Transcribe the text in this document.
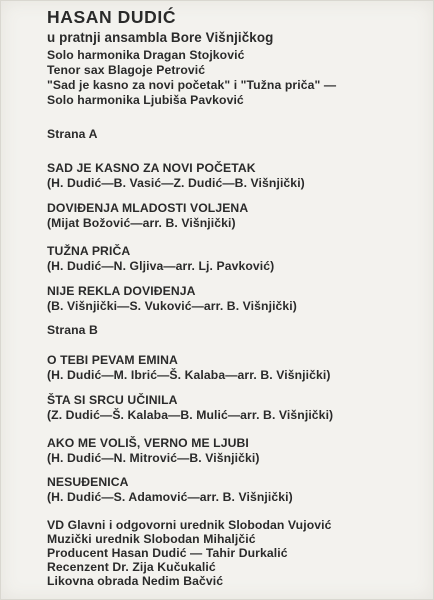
HASAN DUDIĆ
u pratnji ansambla Bore Višnjičkog
Solo harmonika Dragan Stojković
Tenor sax Blagoje Petrović
"Sad je kasno za novi početak" i "Tužna priča" —
Solo harmonika Ljubiša Pavković
Strana A
SAD JE KASNO ZA NOVI POČETAK
(H. Dudić—B. Vasić—Z. Dudić—B. Višnjički)
DOVIĐENJA MLADOSTI VOLJENA
(Mijat Božović—arr. B. Višnjički)
TUŽNA PRIČA
(H. Dudić—N. Gljiva—arr. Lj. Pavković)
NIJE REKLA DOVIĐENJA
(B. Višnjički—S. Vuković—arr. B. Višnjički)
Strana B
O TEBI PEVAM EMINA
(H. Dudić—M. Ibrić—Š. Kalaba—arr. B. Višnjički)
ŠTA SI SRCU UČINILA
(Z. Dudić—Š. Kalaba—B. Mulić—arr. B. Višnjički)
AKO ME VOLIŠ, VERNO ME LJUBI
(H. Dudić—N. Mitrović—B. Višnjički)
NESUĐENICA
(H. Dudić—S. Adamović—arr. B. Višnjički)
VD Glavni i odgovorni urednik Slobodan Vujović
Muzički urednik Slobodan Mihaljčić
Producent Hasan Dudić — Tahir Durkalić
Recenzent Dr. Zija Kučukalić
Likovna obrada Nedim Bačvić
